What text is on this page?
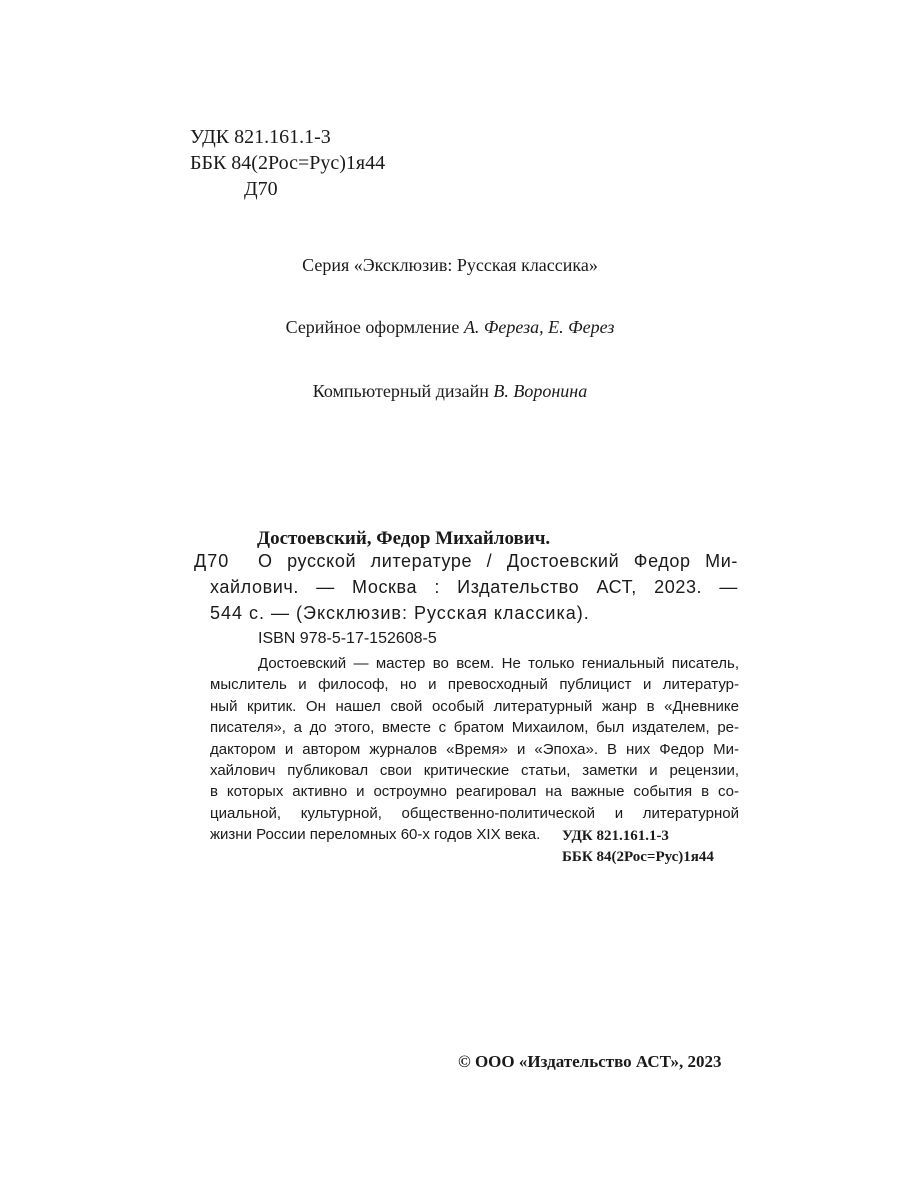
УДК 821.161.1-3
ББК 84(2Рос=Рус)1я44
Д70
Серия «Эксклюзив: Русская классика»
Серийное оформление А. Фереза, Е. Ферез
Компьютерный дизайн В. Воронина
Достоевский, Федор Михайлович.
Д70 О русской литературе / Достоевский Федор Ми-
хайлович. — Москва : Издательство АСТ, 2023. —
544 с. — (Эксклюзив: Русская классика).
ISBN 978-5-17-152608-5
Достоевский — мастер во всем. Не только гениальный писатель,
мыслитель и философ, но и превосходный публицист и литератур-
ный критик. Он нашел свой особый литературный жанр в «Дневнике
писателя», а до этого, вместе с братом Михаилом, был издателем, ре-
дактором и автором журналов «Время» и «Эпоха». В них Федор Ми-
хайлович публиковал свои критические статьи, заметки и рецензии,
в которых активно и остроумно реагировал на важные события в со-
циальной, культурной, общественно-политической и литературной
жизни России переломных 60-х годов XIX века.	УДК 821.161.1-3
ББК 84(2Рос=Рус)1я44
© ООО «Издательство АСТ», 2023
